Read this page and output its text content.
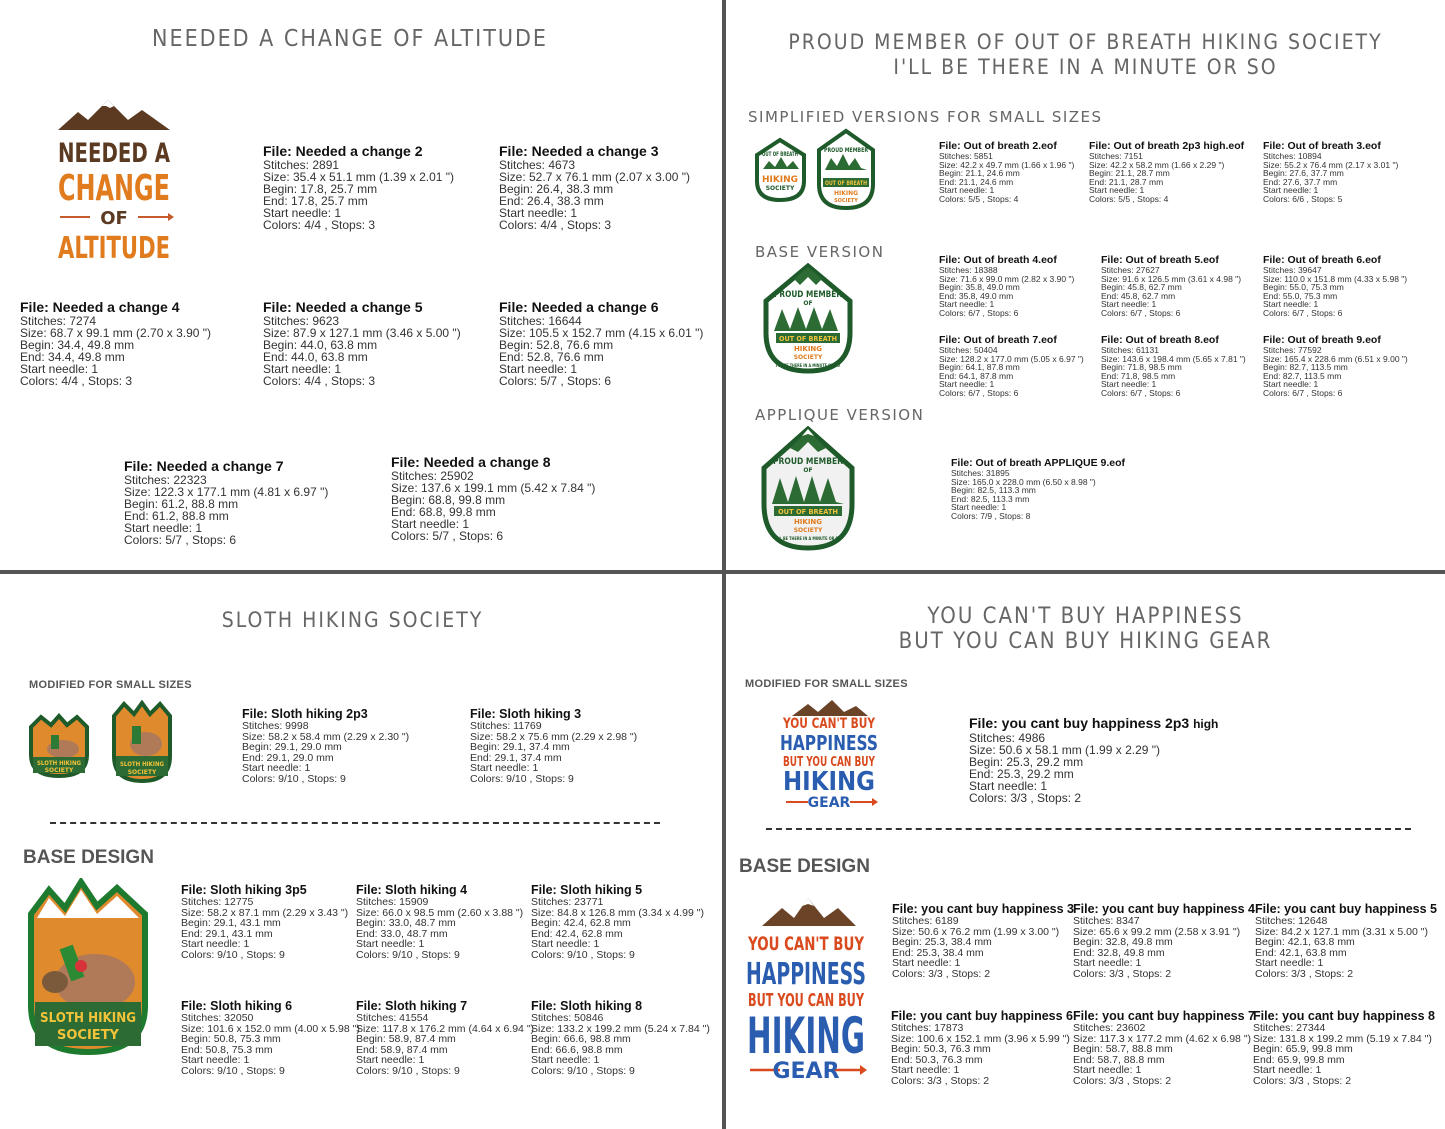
NEEDED A CHANGE OF ALTITUDE
NEEDED A
CHANGE
OF
ALTITUDE
File: Needed a change 2
Stitches: 2891
Size: 35.4 x 51.1 mm (1.39 x 2.01 ")
Begin: 17.8, 25.7 mm
End: 17.8, 25.7 mm
Start needle: 1
Colors: 4/4 , Stops: 3
File: Needed a change 3
Stitches: 4673
Size: 52.7 x 76.1 mm (2.07 x 3.00 ")
Begin: 26.4, 38.3 mm
End: 26.4, 38.3 mm
Start needle: 1
Colors: 4/4 , Stops: 3
File: Needed a change 4
Stitches: 7274
Size: 68.7 x 99.1 mm (2.70 x 3.90 ")
Begin: 34.4, 49.8 mm
End: 34.4, 49.8 mm
Start needle: 1
Colors: 4/4 , Stops: 3
File: Needed a change 5
Stitches: 9623
Size: 87.9 x 127.1 mm (3.46 x 5.00 ")
Begin: 44.0, 63.8 mm
End: 44.0, 63.8 mm
Start needle: 1
Colors: 4/4 , Stops: 3
File: Needed a change 6
Stitches: 16644
Size: 105.5 x 152.7 mm (4.15 x 6.01 ")
Begin: 52.8, 76.6 mm
End: 52.8, 76.6 mm
Start needle: 1
Colors: 5/7 , Stops: 6
File: Needed a change 7
Stitches: 22323
Size: 122.3 x 177.1 mm (4.81 x 6.97 ")
Begin: 61.2, 88.8 mm
End: 61.2, 88.8 mm
Start needle: 1
Colors: 5/7 , Stops: 6
File: Needed a change 8
Stitches: 25902
Size: 137.6 x 199.1 mm (5.42 x 7.84 ")
Begin: 68.8, 99.8 mm
End: 68.8, 99.8 mm
Start needle: 1
Colors: 5/7 , Stops: 6
PROUD MEMBER OF OUT OF BREATH HIKING SOCIETY
I'LL BE THERE IN A MINUTE OR SO
SIMPLIFIED VERSIONS FOR SMALL SIZES
BASE VERSION
APPLIQUE VERSION
OUT OF BREATH
HIKING
SOCIETY
PROUD MEMBER
OUT OF BREATH
HIKING
SOCIETY
PROUD MEMBER
OF
OUT OF BREATH
HIKING
SOCIETY
I'LL BE THERE IN A MINUTE OR SO
PROUD MEMBER
OF
OUT OF BREATH
HIKING
SOCIETY
I'LL BE THERE IN A MINUTE OR SO
File: Out of breath 2.eof
Stitches: 5851
Size: 42.2 x 49.7 mm (1.66 x 1.96 ")
Begin: 21.1, 24.6 mm
End: 21.1, 24.6 mm
Start needle: 1
Colors: 5/5 , Stops: 4
File: Out of breath 2p3 high.eof
Stitches: 7151
Size: 42.2 x 58.2 mm (1.66 x 2.29 ")
Begin: 21.1, 28.7 mm
End: 21.1, 28.7 mm
Start needle: 1
Colors: 5/5 , Stops: 4
File: Out of breath 3.eof
Stitches: 10894
Size: 55.2 x 76.4 mm (2.17 x 3.01 ")
Begin: 27.6, 37.7 mm
End: 27.6, 37.7 mm
Start needle: 1
Colors: 6/6 , Stops: 5
File: Out of breath 4.eof
Stitches: 18388
Size: 71.6 x 99.0 mm (2.82 x 3.90 ")
Begin: 35.8, 49.0 mm
End: 35.8, 49.0 mm
Start needle: 1
Colors: 6/7 , Stops: 6
File: Out of breath 5.eof
Stitches: 27627
Size: 91.6 x 126.5 mm (3.61 x 4.98 ")
Begin: 45.8, 62.7 mm
End: 45.8, 62.7 mm
Start needle: 1
Colors: 6/7 , Stops: 6
File: Out of breath 6.eof
Stitches: 39647
Size: 110.0 x 151.8 mm (4.33 x 5.98 ")
Begin: 55.0, 75.3 mm
End: 55.0, 75.3 mm
Start needle: 1
Colors: 6/7 , Stops: 6
File: Out of breath 7.eof
Stitches: 50404
Size: 128.2 x 177.0 mm (5.05 x 6.97 ")
Begin: 64.1, 87.8 mm
End: 64.1, 87.8 mm
Start needle: 1
Colors: 6/7 , Stops: 6
File: Out of breath 8.eof
Stitches: 61131
Size: 143.6 x 198.4 mm (5.65 x 7.81 ")
Begin: 71.8, 98.5 mm
End: 71.8, 98.5 mm
Start needle: 1
Colors: 6/7 , Stops: 6
File: Out of breath 9.eof
Stitches: 77592
Size: 165.4 x 228.6 mm (6.51 x 9.00 ")
Begin: 82.7, 113.5 mm
End: 82.7, 113.5 mm
Start needle: 1
Colors: 6/7 , Stops: 6
File: Out of breath APPLIQUE 9.eof
Stitches: 31895
Size: 165.0 x 228.0 mm (6.50 x 8.98 ")
Begin: 82.5, 113.3 mm
End: 82.5, 113.3 mm
Start needle: 1
Colors: 7/9 , Stops: 8
SLOTH HIKING SOCIETY
MODIFIED FOR SMALL SIZES
SLOTH HIKING
SOCIETY
SLOTH HIKING
SOCIETY
File: Sloth hiking 2p3
Stitches: 9998
Size: 58.2 x 58.4 mm (2.29 x 2.30 ")
Begin: 29.1, 29.0 mm
End: 29.1, 29.0 mm
Start needle: 1
Colors: 9/10 , Stops: 9
File: Sloth hiking 3
Stitches: 11769
Size: 58.2 x 75.6 mm (2.29 x 2.98 ")
Begin: 29.1, 37.4 mm
End: 29.1, 37.4 mm
Start needle: 1
Colors: 9/10 , Stops: 9
BASE DESIGN
SLOTH HIKING
SOCIETY
File: Sloth hiking 3p5
Stitches: 12775
Size: 58.2 x 87.1 mm (2.29 x 3.43 ")
Begin: 29.1, 43.1 mm
End: 29.1, 43.1 mm
Start needle: 1
Colors: 9/10 , Stops: 9
File: Sloth hiking 4
Stitches: 15909
Size: 66.0 x 98.5 mm (2.60 x 3.88 ")
Begin: 33.0, 48.7 mm
End: 33.0, 48.7 mm
Start needle: 1
Colors: 9/10 , Stops: 9
File: Sloth hiking 5
Stitches: 23771
Size: 84.8 x 126.8 mm (3.34 x 4.99 ")
Begin: 42.4, 62.8 mm
End: 42.4, 62.8 mm
Start needle: 1
Colors: 9/10 , Stops: 9
File: Sloth hiking 6
Stitches: 32050
Size: 101.6 x 152.0 mm (4.00 x 5.98 ")
Begin: 50.8, 75.3 mm
End: 50.8, 75.3 mm
Start needle: 1
Colors: 9/10 , Stops: 9
File: Sloth hiking 7
Stitches: 41554
Size: 117.8 x 176.2 mm (4.64 x 6.94 ")
Begin: 58.9, 87.4 mm
End: 58.9, 87.4 mm
Start needle: 1
Colors: 9/10 , Stops: 9
File: Sloth hiking 8
Stitches: 50846
Size: 133.2 x 199.2 mm (5.24 x 7.84 ")
Begin: 66.6, 98.8 mm
End: 66.6, 98.8 mm
Start needle: 1
Colors: 9/10 , Stops: 9
YOU CAN'T BUY HAPPINESS
BUT YOU CAN BUY HIKING GEAR
MODIFIED FOR SMALL SIZES
YOU CAN'T BUY
HAPPINESS
BUT YOU CAN BUY
HIKING
GEAR
File: you cant buy happiness 2p3 high
Stitches: 4986
Size: 50.6 x 58.1 mm (1.99 x 2.29 ")
Begin: 25.3, 29.2 mm
End: 25.3, 29.2 mm
Start needle: 1
Colors: 3/3 , Stops: 2
BASE DESIGN
YOU CAN'T BUY
HAPPINESS
BUT YOU CAN BUY
HIKING
GEAR
File: you cant buy happiness 3
Stitches: 6189
Size: 50.6 x 76.2 mm (1.99 x 3.00 ")
Begin: 25.3, 38.4 mm
End: 25.3, 38.4 mm
Start needle: 1
Colors: 3/3 , Stops: 2
File: you cant buy happiness 4
Stitches: 8347
Size: 65.6 x 99.2 mm (2.58 x 3.91 ")
Begin: 32.8, 49.8 mm
End: 32.8, 49.8 mm
Start needle: 1
Colors: 3/3 , Stops: 2
File: you cant buy happiness 5
Stitches: 12648
Size: 84.2 x 127.1 mm (3.31 x 5.00 ")
Begin: 42.1, 63.8 mm
End: 42.1, 63.8 mm
Start needle: 1
Colors: 3/3 , Stops: 2
File: you cant buy happiness 6
Stitches: 17873
Size: 100.6 x 152.1 mm (3.96 x 5.99 ")
Begin: 50.3, 76.3 mm
End: 50.3, 76.3 mm
Start needle: 1
Colors: 3/3 , Stops: 2
File: you cant buy happiness 7
Stitches: 23602
Size: 117.3 x 177.2 mm (4.62 x 6.98 ")
Begin: 58.7, 88.8 mm
End: 58.7, 88.8 mm
Start needle: 1
Colors: 3/3 , Stops: 2
File: you cant buy happiness 8
Stitches: 27344
Size: 131.8 x 199.2 mm (5.19 x 7.84 ")
Begin: 65.9, 99.8 mm
End: 65.9, 99.8 mm
Start needle: 1
Colors: 3/3 , Stops: 2
